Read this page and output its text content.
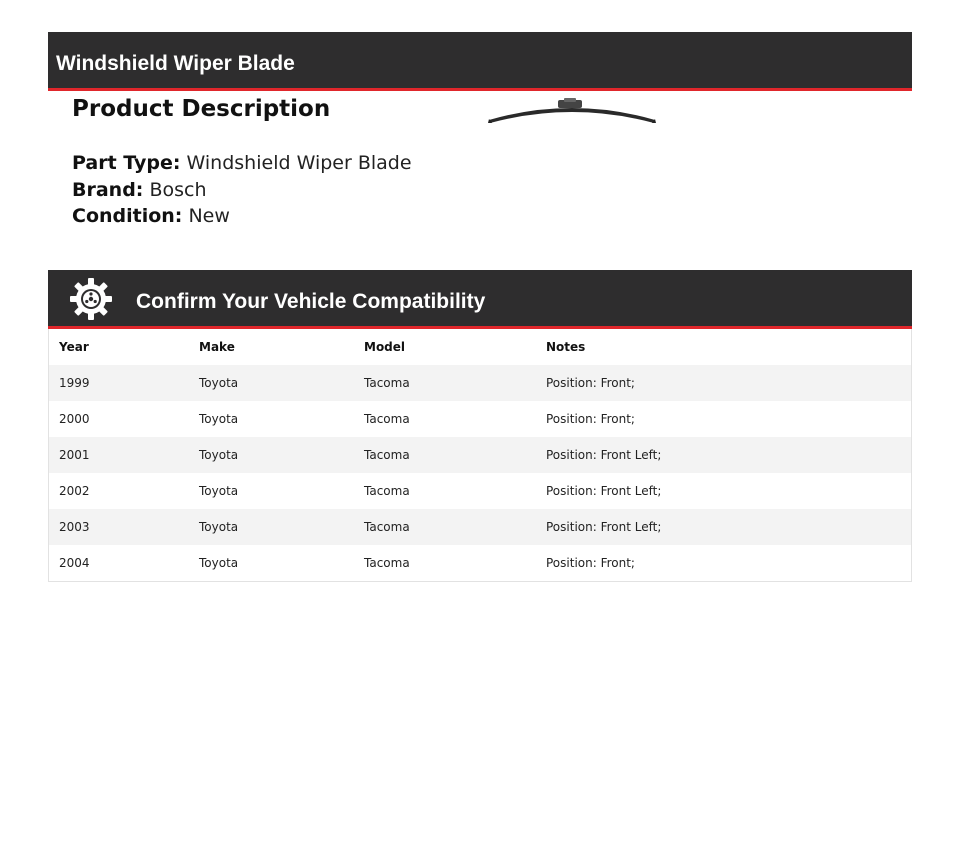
Windshield Wiper Blade
Product Description
Part Type: Windshield Wiper Blade
Brand: Bosch
Condition: New
Confirm Your Vehicle Compatibility
Year	Make	Model	Notes
1999	Toyota	Tacoma	Position: Front;
2000	Toyota	Tacoma	Position: Front;
2001	Toyota	Tacoma	Position: Front Left;
2002	Toyota	Tacoma	Position: Front Left;
2003	Toyota	Tacoma	Position: Front Left;
2004	Toyota	Tacoma	Position: Front;
